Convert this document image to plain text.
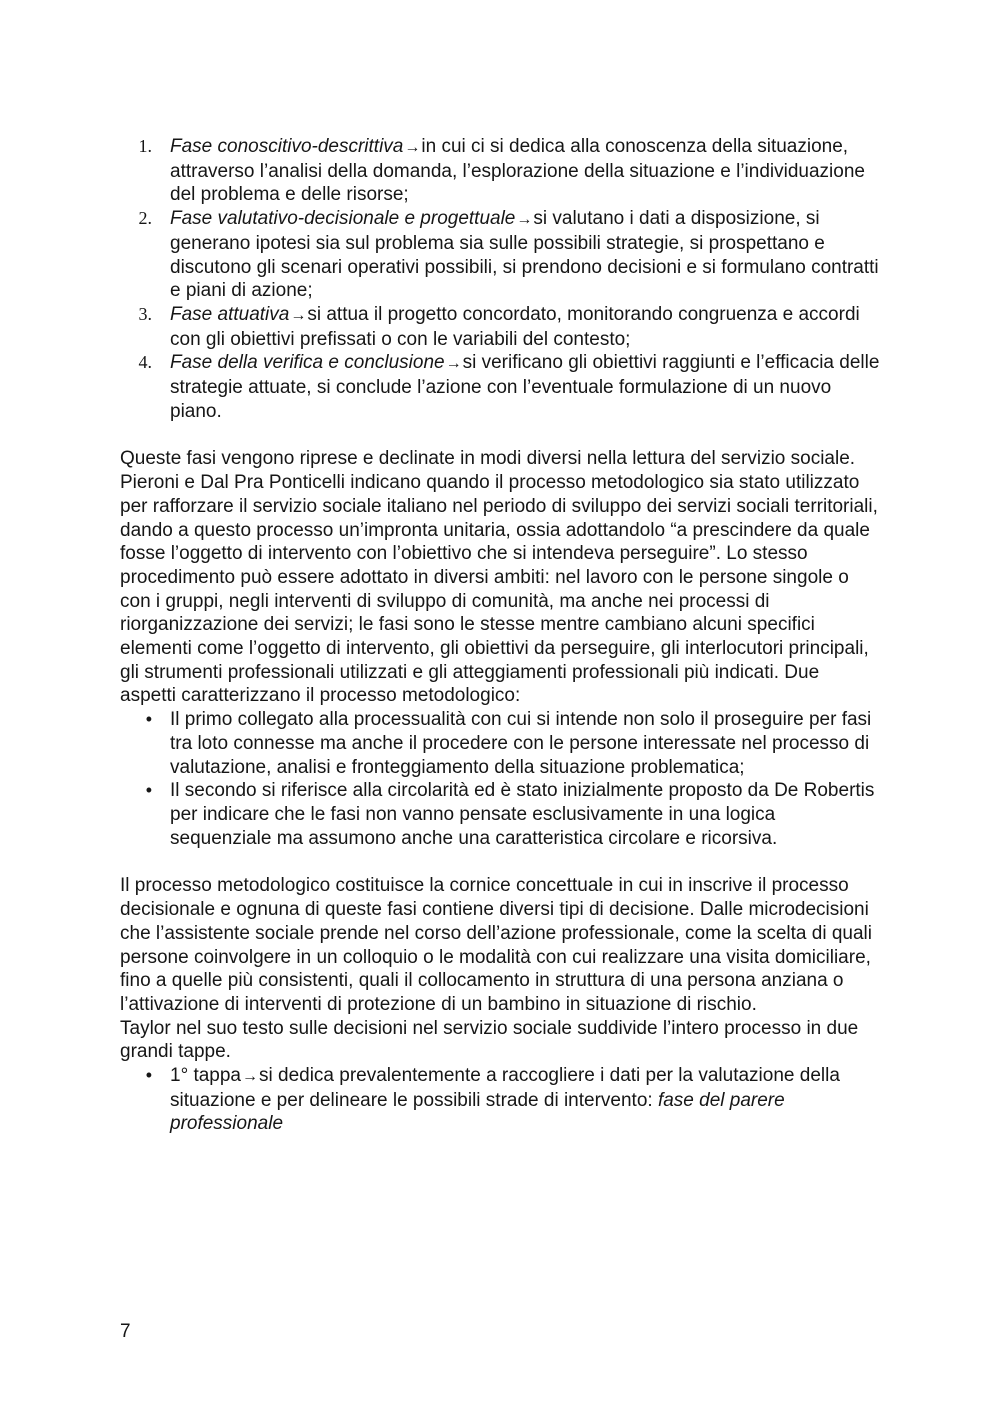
1. Fase conoscitivo-descrittiva→in cui ci si dedica alla conoscenza della situazione, attraverso l’analisi della domanda, l’esplorazione della situazione e l’individuazione del problema e delle risorse;
2. Fase valutativo-decisionale e progettuale→si valutano i dati a disposizione, si generano ipotesi sia sul problema sia sulle possibili strategie, si prospettano e discutono gli scenari operativi possibili, si prendono decisioni e si formulano contratti e piani di azione;
3. Fase attuativa→si attua il progetto concordato, monitorando congruenza e accordi con gli obiettivi prefissati o con le variabili del contesto;
4. Fase della verifica e conclusione→si verificano gli obiettivi raggiunti e l’efficacia delle strategie attuate, si conclude l’azione con l’eventuale formulazione di un nuovo piano.

Queste fasi vengono riprese e declinate in modi diversi nella lettura del servizio sociale.

Pieroni e Dal Pra Ponticelli indicano quando il processo metodologico sia stato utilizzato per rafforzare il servizio sociale italiano nel periodo di sviluppo dei servizi sociali territoriali, dando a questo processo un’impronta unitaria, ossia adottandolo “a prescindere da quale fosse l’oggetto di intervento con l’obiettivo che si intendeva perseguire”. Lo stesso procedimento può essere adottato in diversi ambiti: nel lavoro con le persone singole o con i gruppi, negli interventi di sviluppo di comunità, ma anche nei processi di riorganizzazione dei servizi; le fasi sono le stesse mentre cambiano alcuni specifici elementi come l’oggetto di intervento, gli obiettivi da perseguire, gli interlocutori principali, gli strumenti professionali utilizzati e gli atteggiamenti professionali più indicati. Due aspetti caratterizzano il processo metodologico:

• Il primo collegato alla processualità con cui si intende non solo il proseguire per fasi tra loto connesse ma anche il procedere con le persone interessate nel processo di valutazione, analisi e fronteggiamento della situazione problematica;
• Il secondo si riferisce alla circolarità ed è stato inizialmente proposto da De Robertis per indicare che le fasi non vanno pensate esclusivamente in una logica sequenziale ma assumono anche una caratteristica circolare e ricorsiva.

Il processo metodologico costituisce la cornice concettuale in cui in inscrive il processo decisionale e ognuna di queste fasi contiene diversi tipi di decisione. Dalle microdecisioni che l’assistente sociale prende nel corso dell’azione professionale, come la scelta di quali persone coinvolgere in un colloquio o le modalità con cui realizzare una visita domiciliare, fino a quelle più consistenti, quali il collocamento in struttura di una persona anziana o l’attivazione di interventi di protezione di un bambino in situazione di rischio.

Taylor nel suo testo sulle decisioni nel servizio sociale suddivide l’intero processo in due grandi tappe.

• 1° tappa→si dedica prevalentemente a raccogliere i dati per la valutazione della situazione e per delineare le possibili strade di intervento: fase del parere professionale
7
